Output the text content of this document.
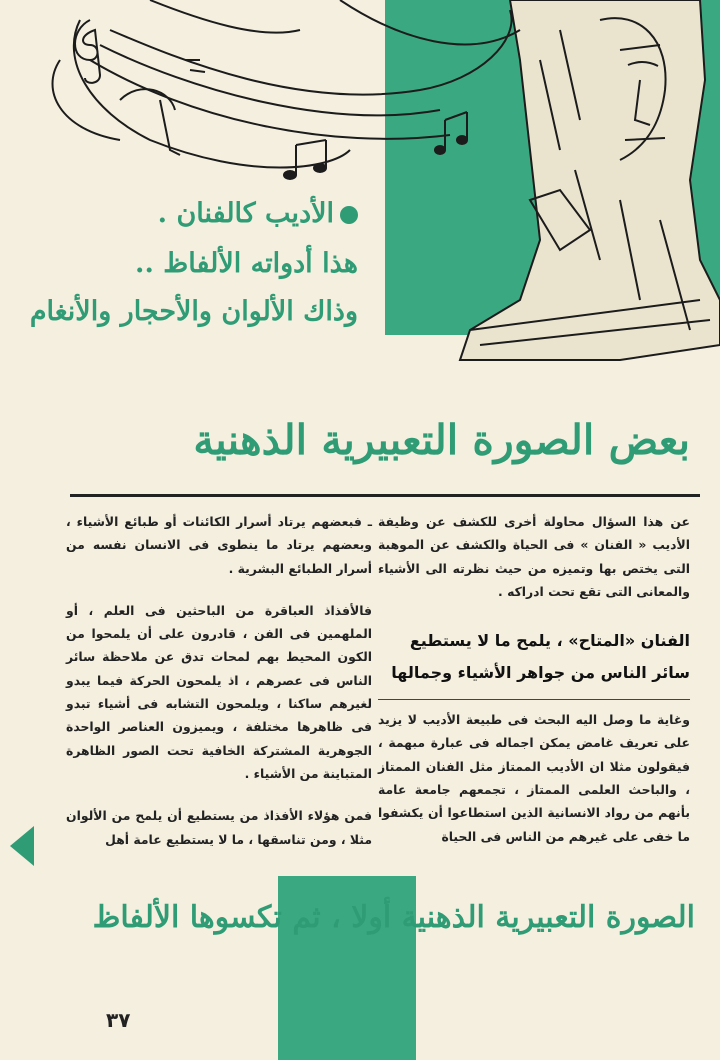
الأديب كالفنان .
هذا أدواته الألفاظ ..
وذاك الألوان والأحجار والأنغام
بعض الصورة التعبيرية الذهنية

عن هذا السؤال محاولة أخرى للكشف عن وظيفة الأديب « الفنان » فى الحياة والكشف عن الموهبة التى يختص بها وتميزه من حيث نظرته الى الأشياء والمعانى التى تقع تحت ادراكه .

الفنان «المتاح» ، يلمح ما لا يستطيع
سائر الناس من جواهر الأشياء وجمالها

وغاية ما وصل اليه البحث فى طبيعة الأديب لا يزيد على تعريف غامض يمكن اجماله فى عبارة مبهمة ، فيقولون مثلا ان الأديب الممتاز مثل الفنان الممتاز ، والباحث العلمى الممتاز ، تجمعهم جامعة عامة بأنهم من رواد الانسانية الذين استطاعوا أن يكشفوا ما خفى على غيرهم من الناس فى الحياة

ـ فبعضهم يرتاد أسرار الكائنات أو طبائع الأشياء ، وبعضهم يرتاد ما ينطوى فى الانسان نفسه من أسرار الطبائع البشرية .

فالأفذاذ العباقرة من الباحثين فى العلم ، أو الملهمين فى الفن ، قادرون على أن يلمحوا من الكون المحيط بهم لمحات تدق عن ملاحظة سائر الناس فى عصرهم ، اذ يلمحون الحركة فيما يبدو لغيرهم ساكنا ، ويلمحون التشابه فى أشياء تبدو فى ظاهرها مختلفة ، ويميزون العناصر الواحدة الجوهرية المشتركة الخافية تحت الصور الظاهرة المتباينة من الأشياء .

فمن هؤلاء الأفذاذ من يستطيع أن يلمح من الألوان مثلا ، ومن تناسقها ، ما لا يستطيع عامة أهل

الصورة التعبيرية الذهنية أولا ، ثم تكسوها الألفاظ
٣٧
